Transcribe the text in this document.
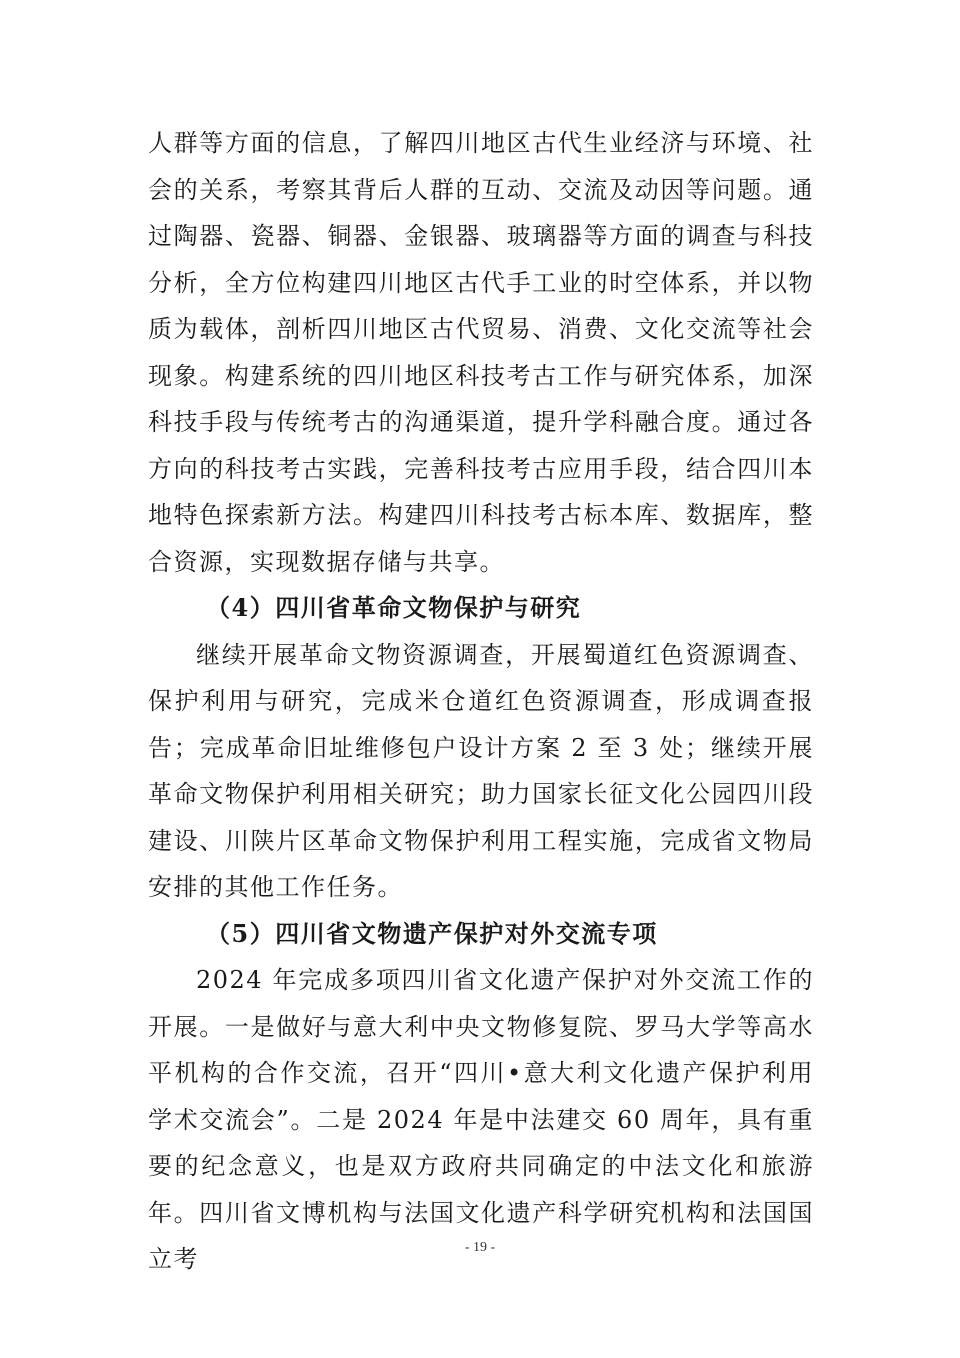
人群等方面的信息，了解四川地区古代生业经济与环境、社会的关系，考察其背后人群的互动、交流及动因等问题。通过陶器、瓷器、铜器、金银器、玻璃器等方面的调查与科技分析，全方位构建四川地区古代手工业的时空体系，并以物质为载体，剖析四川地区古代贸易、消费、文化交流等社会现象。构建系统的四川地区科技考古工作与研究体系，加深科技手段与传统考古的沟通渠道，提升学科融合度。通过各方向的科技考古实践，完善科技考古应用手段，结合四川本地特色探索新方法。构建四川科技考古标本库、数据库，整合资源，实现数据存储与共享。

（4）四川省革命文物保护与研究

继续开展革命文物资源调查，开展蜀道红色资源调查、保护利用与研究，完成米仓道红色资源调查，形成调查报告；完成革命旧址维修包户设计方案 2 至 3 处；继续开展革命文物保护利用相关研究；助力国家长征文化公园四川段建设、川陕片区革命文物保护利用工程实施，完成省文物局安排的其他工作任务。

（5）四川省文物遗产保护对外交流专项

2024 年完成多项四川省文化遗产保护对外交流工作的开展。一是做好与意大利中央文物修复院、罗马大学等高水平机构的合作交流，召开“四川•意大利文化遗产保护利用学术交流会”。二是 2024 年是中法建交 60 周年，具有重要的纪念意义，也是双方政府共同确定的中法文化和旅游年。四川省文博机构与法国文化遗产科学研究机构和法国国立考	- 19 -
